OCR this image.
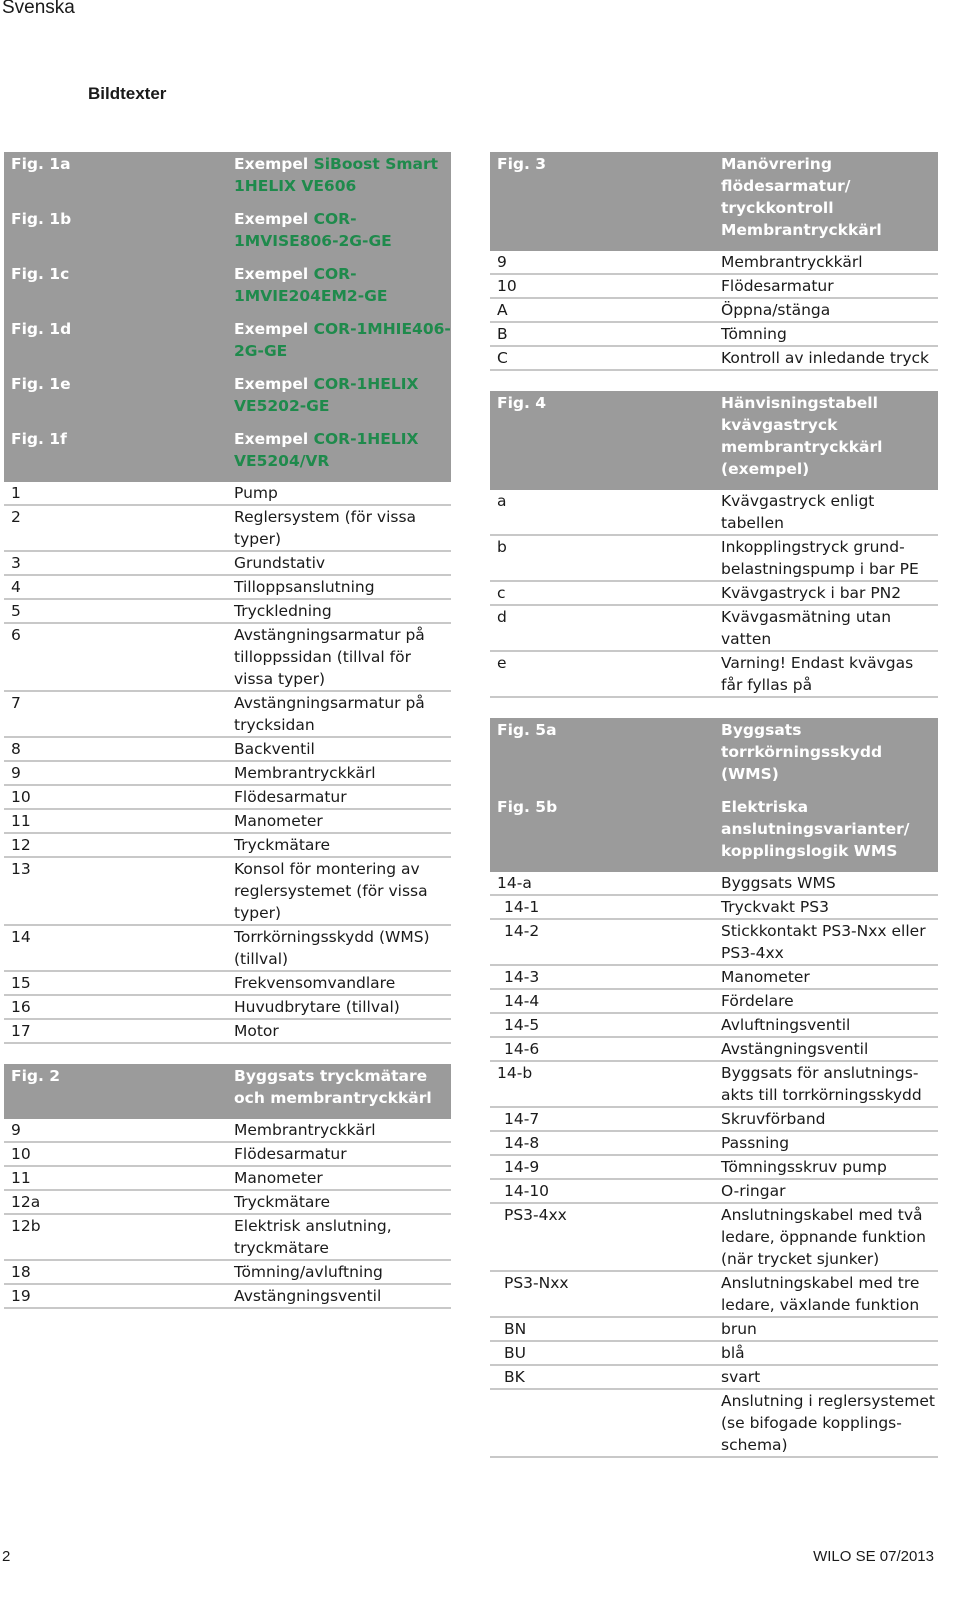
Svenska
Bildtexter
Fig. 1a	Exempel SiBoost Smart 1HELIX VE606
Fig. 1b	Exempel COR-1MVISE806-2G-GE
Fig. 1c	Exempel COR-1MVIE204EM2-GE
Fig. 1d	Exempel COR-1MHIE406-2G-GE
Fig. 1e	Exempel COR-1HELIX VE5202-GE
Fig. 1f	Exempel COR-1HELIX VE5204/VR
1	Pump
2	Reglersystem (för vissa typer)
3	Grundstativ
4	Tilloppsanslutning
5	Tryckledning
6	Avstängningsarmatur på tilloppssidan (tillval för vissa typer)
7	Avstängningsarmatur på trycksidan
8	Backventil
9	Membrantryckkärl
10	Flödesarmatur
11	Manometer
12	Tryckmätare
13	Konsol för montering av reglersystemet (för vissa typer)
14	Torrkörningsskydd (WMS) (tillval)
15	Frekvensomvandlare
16	Huvudbrytare (tillval)
17	Motor
Fig. 2	Byggsats tryckmätare och membrantryckkärl
9	Membrantryckkärl
10	Flödesarmatur
11	Manometer
12a	Tryckmätare
12b	Elektrisk anslutning, tryckmätare
18	Tömning/avluftning
19	Avstängningsventil
Fig. 3	Manövrering flödesarmatur/ tryckkontroll Membrantryckkärl
9	Membrantryckkärl
10	Flödesarmatur
A	Öppna/stänga
B	Tömning
C	Kontroll av inledande tryck
Fig. 4	Hänvisningstabell kvävgastryck membrantryckkärl (exempel)
a	Kvävgastryck enligt tabellen
b	Inkopplingstryck grund-belastningspump i bar PE
c	Kvävgastryck i bar PN2
d	Kvävgasmätning utan vatten
e	Varning! Endast kvävgas får fyllas på
Fig. 5a	Byggsats torrkörningsskydd (WMS)
Fig. 5b	Elektriska anslutningsvarianter/ kopplingslogik WMS
14-a	Byggsats WMS
14-1	Tryckvakt PS3
14-2	Stickkontakt PS3-Nxx eller PS3-4xx
14-3	Manometer
14-4	Fördelare
14-5	Avluftningsventil
14-6	Avstängningsventil
14-b	Byggsats för anslutnings-akts till torrkörningsskydd
14-7	Skruvförband
14-8	Passning
14-9	Tömningsskruv pump
14-10	O-ringar
PS3-4xx	Anslutningskabel med två ledare, öppnande funktion (när trycket sjunker)
PS3-Nxx	Anslutningskabel med tre ledare, växlande funktion
BN	brun
BU	blå
BK	svart
	Anslutning i reglersystemet (se bifogade kopplings-schema)
2	WILO SE 07/2013
